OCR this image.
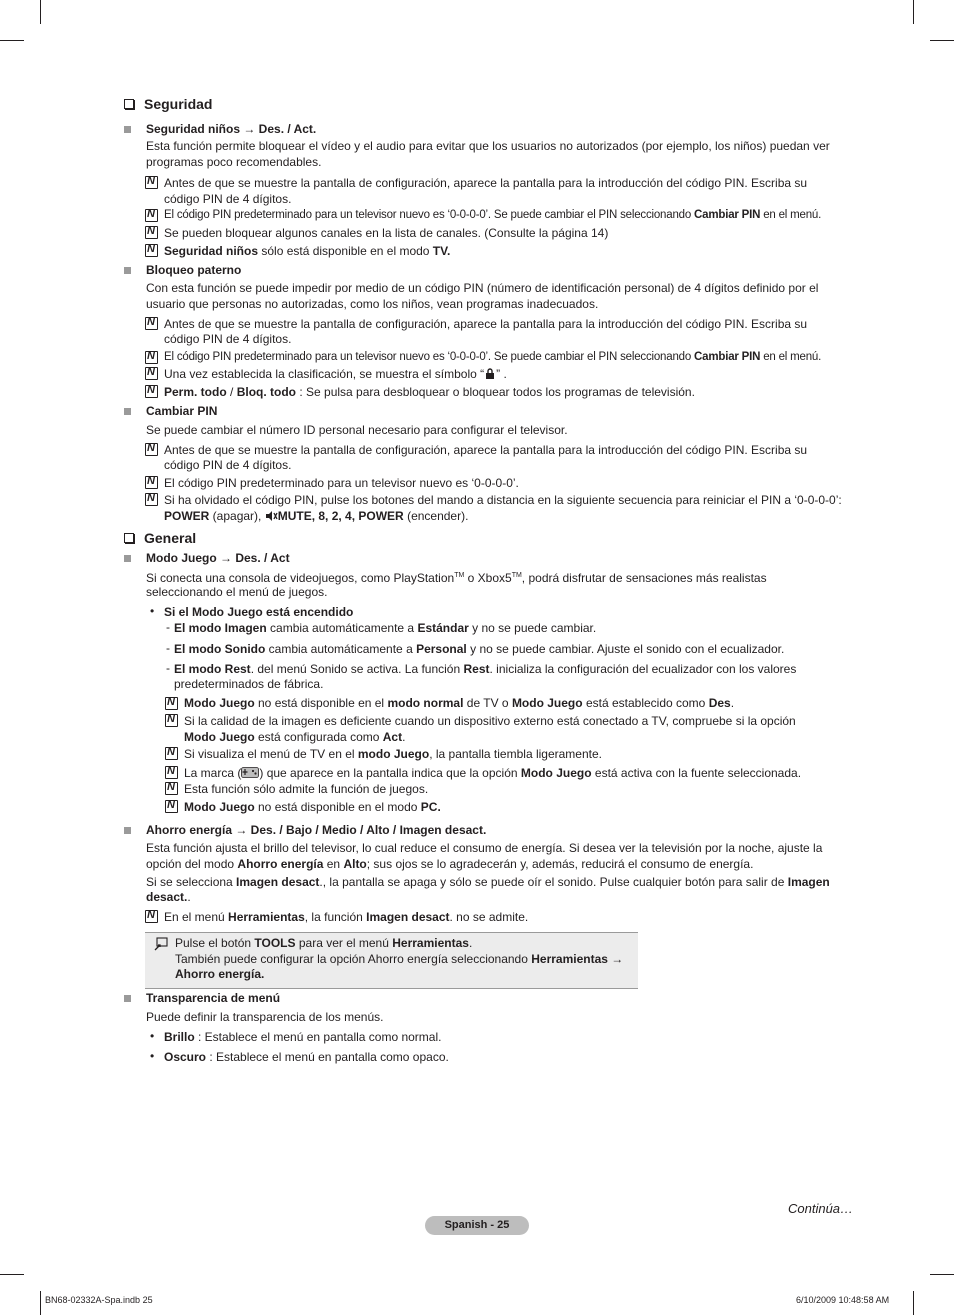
Seguridad
Seguridad niños → Des. / Act.
Esta función permite bloquear el vídeo y el audio para evitar que los usuarios no autorizados (por ejemplo, los niños) puedan ver
programas poco recomendables.
N
Antes de que se muestre la pantalla de configuración, aparece la pantalla para la introducción del código PIN. Escriba su
código PIN de 4 dígitos.
N
El código PIN predeterminado para un televisor nuevo es ‘0-0-0-0’. Se puede cambiar el PIN seleccionando Cambiar PIN en el menú.
N
Se pueden bloquear algunos canales en la lista de canales. (Consulte la página 14)
N
Seguridad niños sólo está disponible en el modo TV.
Bloqueo paterno
Con esta función se puede impedir por medio de un código PIN (número de identificación personal) de 4 dígitos definido por el
usuario que personas no autorizadas, como los niños, vean programas inadecuados.
N
Antes de que se muestre la pantalla de configuración, aparece la pantalla para la introducción del código PIN. Escriba su
código PIN de 4 dígitos.
N
El código PIN predeterminado para un televisor nuevo es ‘0-0-0-0’. Se puede cambiar el PIN seleccionando Cambiar PIN en el menú.
N
Una vez establecida la clasificación, se muestra el símbolo “ ” .
N
Perm. todo / Bloq. todo : Se pulsa para desbloquear o bloquear todos los programas de televisión.
Cambiar PIN
Se puede cambiar el número ID personal necesario para configurar el televisor.
N
Antes de que se muestre la pantalla de configuración, aparece la pantalla para la introducción del código PIN. Escriba su
código PIN de 4 dígitos.
N
El código PIN predeterminado para un televisor nuevo es ‘0-0-0-0’.
N
Si ha olvidado el código PIN, pulse los botones del mando a distancia en la siguiente secuencia para reiniciar el PIN a ‘0-0-0-0’:
POWER (apagar), MUTE, 8, 2, 4, POWER (encender).
General
Modo Juego → Des. / Act
Si conecta una consola de videojuegos, como PlayStation™ o Xbox5™, podrá disfrutar de sensaciones más realistas
seleccionando el menú de juegos.
• Si el Modo Juego está encendido
- El modo Imagen cambia automáticamente a Estándar y no se puede cambiar.
- El modo Sonido cambia automáticamente a Personal y no se puede cambiar. Ajuste el sonido con el ecualizador.
- El modo Rest. del menú Sonido se activa. La función Rest. inicializa la configuración del ecualizador con los valores
predeterminados de fábrica.
N
Modo Juego no está disponible en el modo normal de TV o Modo Juego está establecido como Des.
N
Si la calidad de la imagen es deficiente cuando un dispositivo externo está conectado a TV, compruebe si la opción
Modo Juego está configurada como Act.
N
Si visualiza el menú de TV en el modo Juego, la pantalla tiembla ligeramente.
N
La marca ( ) que aparece en la pantalla indica que la opción Modo Juego está activa con la fuente seleccionada.
N
Esta función sólo admite la función de juegos.
N
Modo Juego no está disponible en el modo PC.
Ahorro energía → Des. / Bajo / Medio / Alto / Imagen desact.
Esta función ajusta el brillo del televisor, lo cual reduce el consumo de energía. Si desea ver la televisión por la noche, ajuste la
opción del modo Ahorro energía en Alto; sus ojos se lo agradecerán y, además, reducirá el consumo de energía.
Si se selecciona Imagen desact., la pantalla se apaga y sólo se puede oír el sonido. Pulse cualquier botón para salir de Imagen
desact..
N
En el menú Herramientas, la función Imagen desact. no se admite.
Pulse el botón TOOLS para ver el menú Herramientas.
También puede configurar la opción Ahorro energía seleccionando Herramientas →
Ahorro energía.
Transparencia de menú
Puede definir la transparencia de los menús.
• Brillo : Establece el menú en pantalla como normal.
• Oscuro : Establece el menú en pantalla como opaco.
Continúa…
Spanish - 25
BN68-02332A-Spa.indb 25	6/10/2009 10:48:58 AM
